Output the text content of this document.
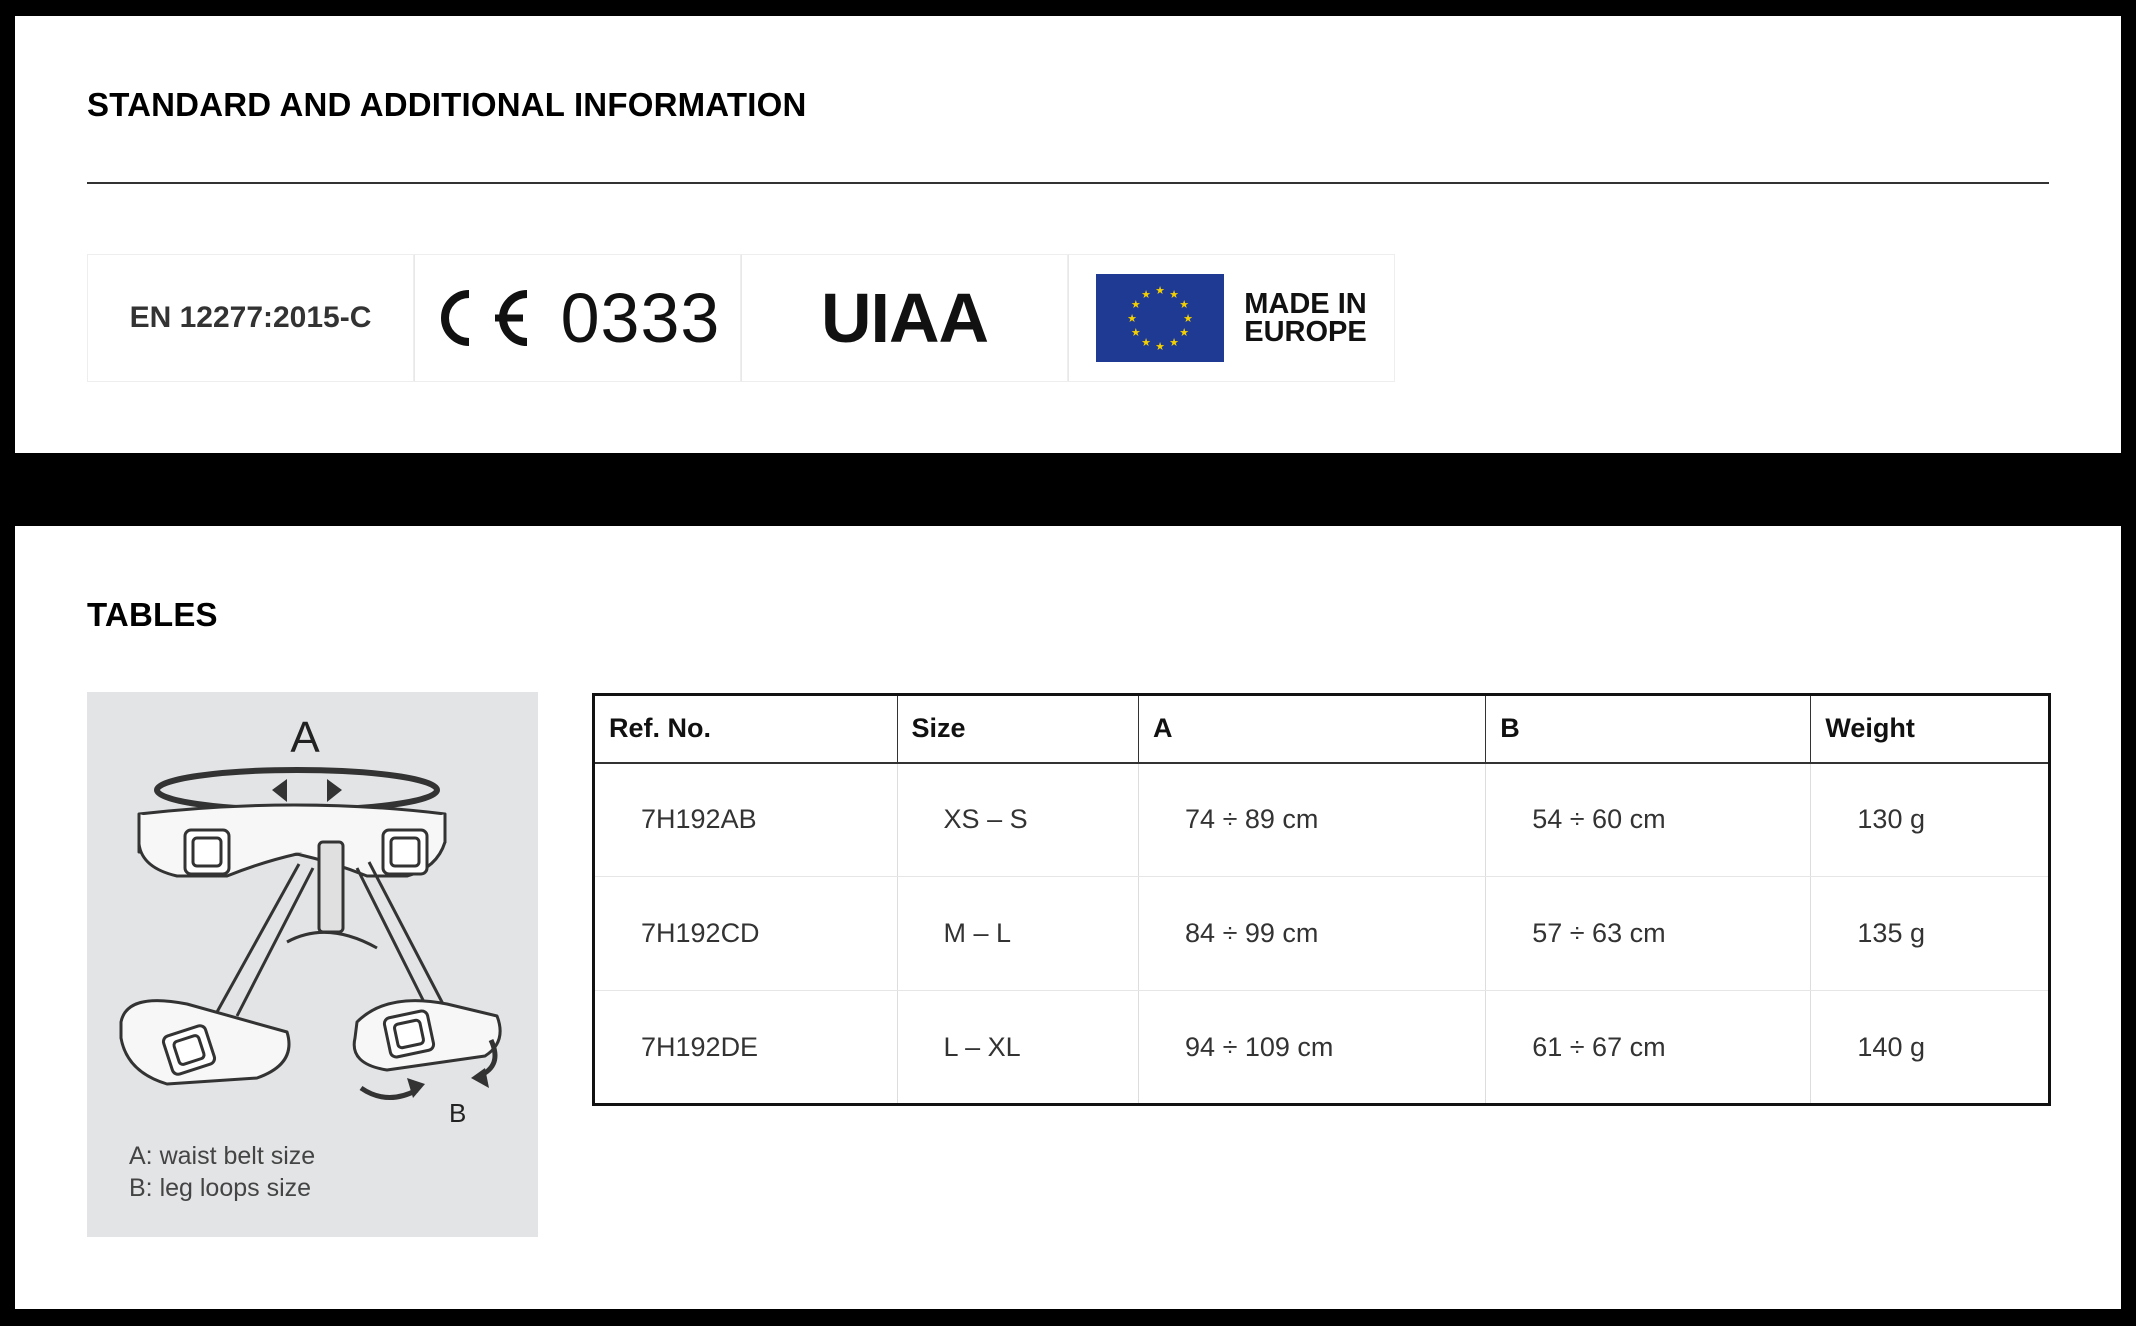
STANDARD AND ADDITIONAL INFORMATION
EN 12277:2015-C	0333 UIAA	★ ★
★
★
★
★
★
★
★
★
★
★	MADE IN
EUROPE
TABLES
A
B
A: waist belt size
B: leg loops size
Ref. No.	Size	A	B	Weight
7H192AB	XS – S	74 ÷ 89 cm	54 ÷ 60 cm	130 g
7H192CD	M – L	84 ÷ 99 cm	57 ÷ 63 cm	135 g
7H192DE	L – XL	94 ÷ 109 cm	61 ÷ 67 cm	140 g
